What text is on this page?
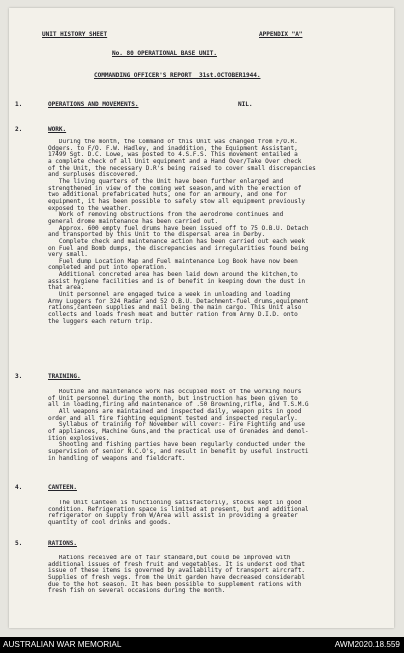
UNIT HISTORY SHEET	APPENDIX "A"
No. 80 OPERATIONAL BASE UNIT.
COMMANDING OFFICER'S REPORT  31st.OCTOBER1944.
1.	OPERATIONS AND MOVEMENTS.	NIL.
2.	WORK.
During the month, the Command of this Unit was changed from F/O.R.
Odgers. to F/O. F.W. Hadley, and inaddition, the Equipment Assistant,
17499 Sgt. D.C. Lowe, was posted to 4.S.F.S. This movement entailed a
a complete check of all Unit equipment and a Hand Over/Take Over check
of the Unit, the necessary D.R's being raised to cover small discrepancies
and surpluses discovered.
The living quarters of the Unit have been further enlarged and
strengthened in view of the coming wet season,and with the erection of
two additional prefabricated huts, one for an armoury, and one for
equipment, it has been possible to safely stow all equipment previously
exposed to the weather.
Work of removing obstructions from the aerodrome continues and
general drome maintenance has been carried out.
Approx. 600 empty fuel drums have been issued off to 75 O.B.U. Detach
and transported by this Unit to the dispersal area in Derby.
Complete check and maintenance action has been carried out each week
on Fuel and Bomb dumps, the discrepancies and irregularities found being
very small.
Fuel dump Location Map and Fuel maintenance Log Book have now been
completed and put into operation.
Additional concreted area has been laid down around the kitchen,to
assist hygiene facilities and is of benefit in keeping down the dust in
that area.
Unit personnel are engaged twice a week in unloading and loading
Army Luggers for 324 Radar and 52 O.B.U. Detachment-fuel drums,equipment
rations,canteen supplies and mail being the main cargo. This Unit also
collects and loads fresh meat and butter ration from Army D.I.D. onto
the luggers each return trip.
3.	TRAINING.
Routine and maintenance work has occupied most of the working hours
of Unit personnel during the month, but instruction has been given to
all in loading,firing and maintenance of .50 Browning,rifle, and T.S.M.G
All weapons are maintained and inspected daily, weapon pits in good
order and all fire fighting equipment tested and inspected regularly.
Syllabus of training for November will cover:- Fire Fighting and use
of appliances, Machine Guns,and the practical use of Grenades and demol-
ition explosives.
Shooting and fishing parties have been regularly conducted under the
supervision of senior N.C.O's, and result in benefit by useful instructi
in handling of weapons and fieldcraft.
4.	CANTEEN.
The Unit Canteen is functioning satisfactorily, stocks kept in good
condition. Refrigeration space is limited at present, but and additional
refrigerator on supply from W/Area will assist in providing a greater
quantity of cool drinks and goods.
5.	RATIONS.
Rations received are of fair standard,but could be improved with
additional issues of fresh fruit and vegetables. It is underst ood that
issue of these items is governed by availability of transport aircraft.
Supplies of fresh vegs. from the Unit garden have decreased considerabl
due to the hot season. It has been possible to supplement rations with
fresh fish on several occasions during the month.
AUSTRALIAN WAR MEMORIAL	AWM2020.18.559
